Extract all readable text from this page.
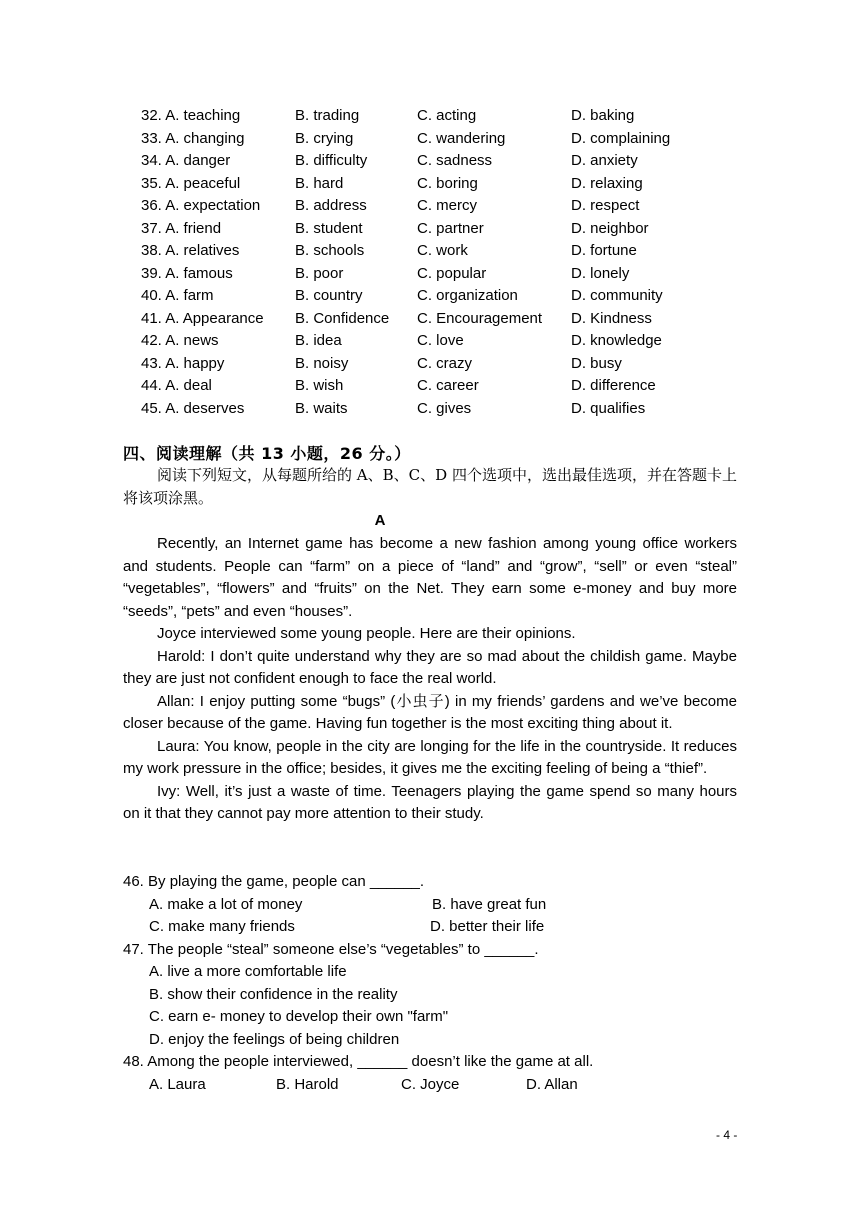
32. A. teaching	B. trading	C. acting	D. baking
33. A. changing	B. crying	C. wandering	D. complaining
34. A. danger	B. difficulty	C. sadness	D. anxiety
35. A. peaceful	B. hard	C. boring	D. relaxing
36. A. expectation B. address	C. mercy	D. respect
37. A. friend	B. student	C. partner	D. neighbor
38. A. relatives	B. schools	C. work	D. fortune
39. A. famous	B. poor	C. popular	D. lonely
40. A. farm	B. country	C. organization	D. community
41. A. Appearance B. Confidence C. Encouragement D. Kindness
42. A. news	B. idea	C. love	D. knowledge
43. A. happy	B. noisy	C. crazy	D. busy
44. A. deal	B. wish	C. career	D. difference
45. A. deserves	B. waits	C. gives	D. qualifies
四、阅读理解（共 13 小题，26 分。）
阅读下列短文，从每题所给的 A、B、C、D 四个选项中，选出最佳选项，并在答题卡上将该项涂黑。
A

Recently, an Internet game has become a new fashion among young office workers and students. People can “farm” on a piece of “land” and “grow”, “sell” or even “steal” “vegetables”, “flowers” and “fruits” on the Net. They earn some e-money and buy more “seeds”, “pets” and even “houses”.

Joyce interviewed some young people. Here are their opinions.

Harold: I don’t quite understand why they are so mad about the childish game. Maybe they are just not confident enough to face the real world.

Allan: I enjoy putting some “bugs” (小虫子) in my friends’ gardens and we’ve become closer because of the game. Having fun together is the most exciting thing about it.

Laura: You know, people in the city are longing for the life in the countryside. It reduces my work pressure in the office; besides, it gives me the exciting feeling of being a “thief”.

Ivy: Well, it’s just a waste of time. Teenagers playing the game spend so many hours on it that they cannot pay more attention to their study.

46. By playing the game, people can ______.
A. make a lot of money	B. have great fun
C. make many friends	D. better their life
47. The people “steal” someone else’s “vegetables” to ______.
A. live a more comfortable life
B. show their confidence in the reality
C. earn e- money to develop their own "farm"
D. enjoy the feelings of being children
48. Among the people interviewed, ______ doesn’t like the game at all.
A. Laura	B. Harold	C. Joyce	D. Allan
- 4 -
